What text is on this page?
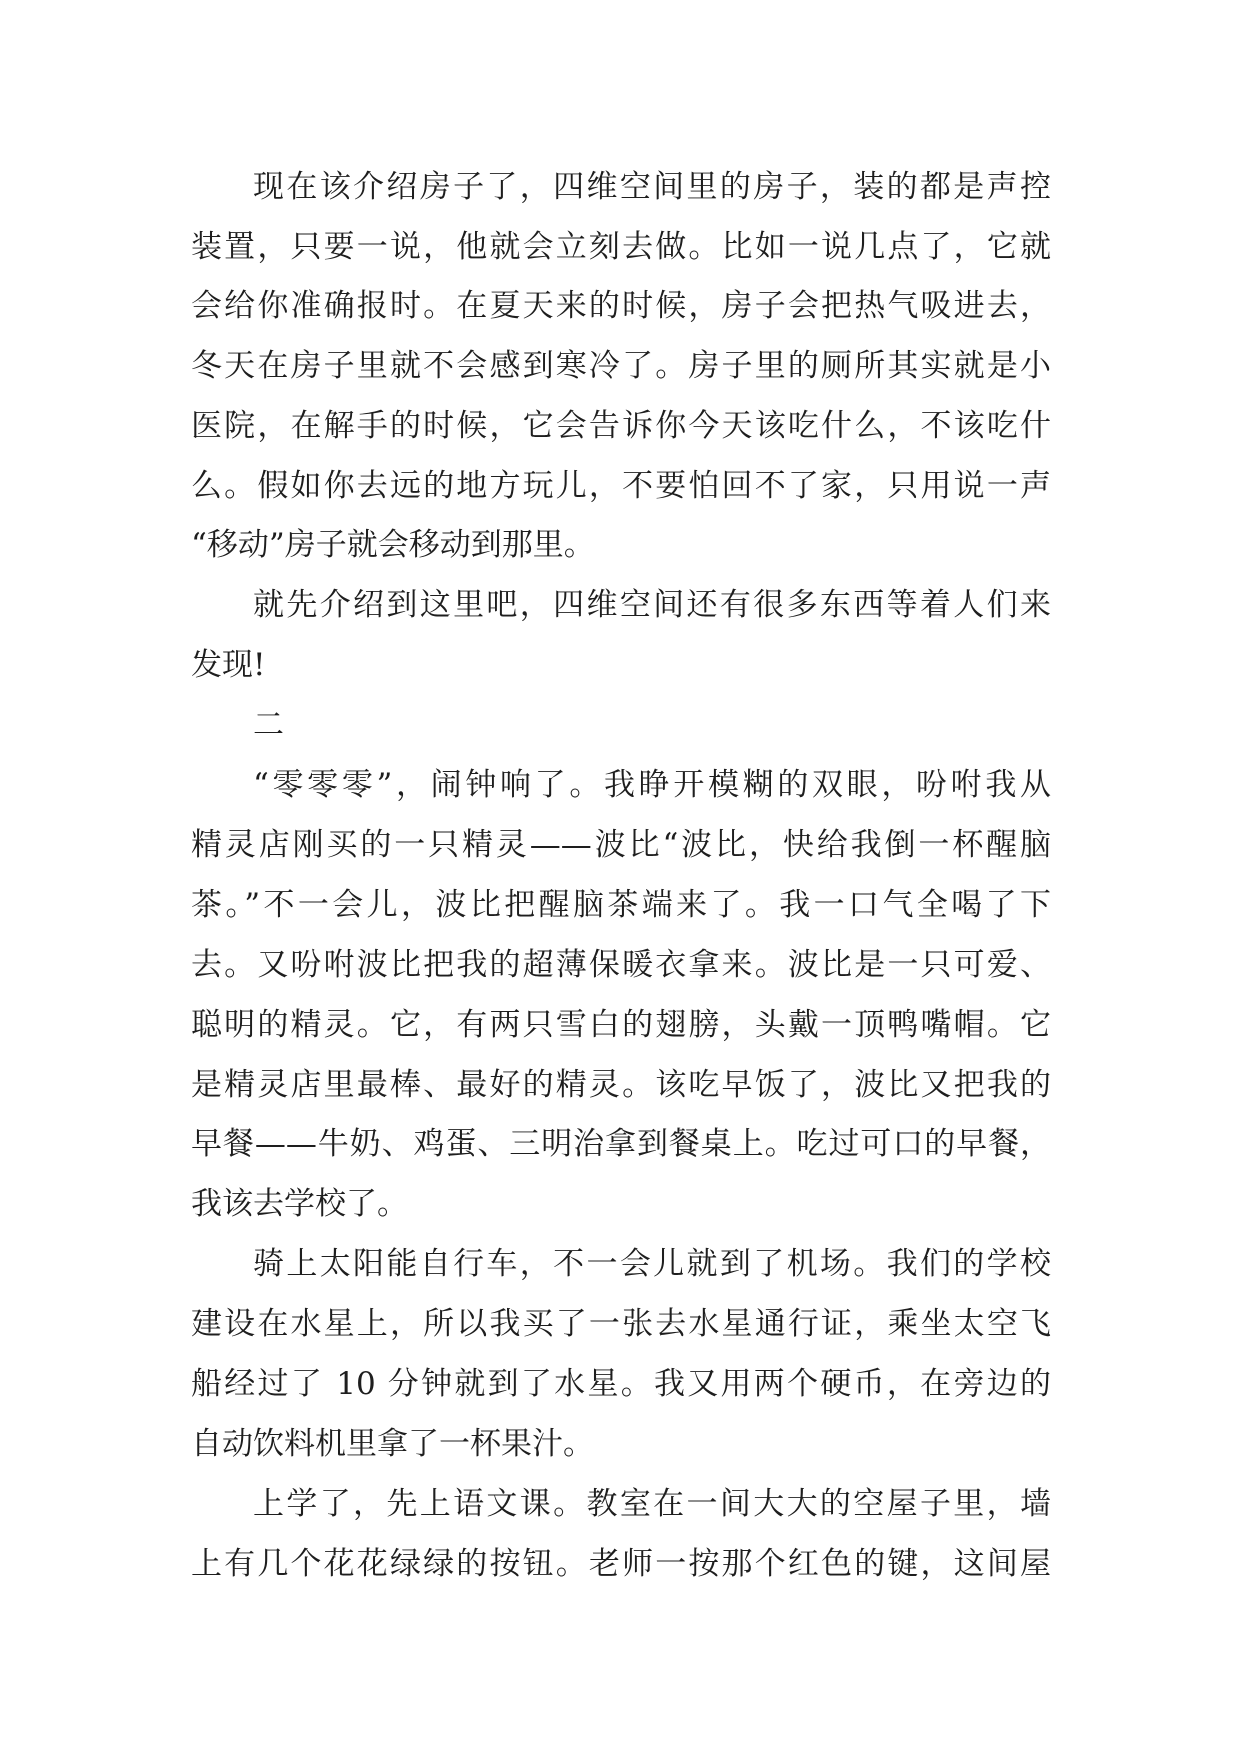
现在该介绍房子了，四维空间里的房子，装的都是声控
装置，只要一说，他就会立刻去做。比如一说几点了，它就
会给你准确报时。在夏天来的时候，房子会把热气吸进去，
冬天在房子里就不会感到寒冷了。房子里的厕所其实就是小
医院，在解手的时候，它会告诉你今天该吃什么，不该吃什
么。假如你去远的地方玩儿，不要怕回不了家，只用说一声
“移动”房子就会移动到那里。
就先介绍到这里吧，四维空间还有很多东西等着人们来
发现!
二
“零零零”，闹钟响了。我睁开模糊的双眼，吩咐我从
精灵店刚买的一只精灵——波比“波比，快给我倒一杯醒脑
茶。”不一会儿，波比把醒脑茶端来了。我一口气全喝了下
去。又吩咐波比把我的超薄保暖衣拿来。波比是一只可爱、
聪明的精灵。它，有两只雪白的翅膀，头戴一顶鸭嘴帽。它
是精灵店里最棒、最好的精灵。该吃早饭了，波比又把我的
早餐——牛奶、鸡蛋、三明治拿到餐桌上。吃过可口的早餐，
我该去学校了。
骑上太阳能自行车，不一会儿就到了机场。我们的学校
建设在水星上，所以我买了一张去水星通行证，乘坐太空飞
船经过了 10 分钟就到了水星。我又用两个硬币，在旁边的
自动饮料机里拿了一杯果汁。
上学了，先上语文课。教室在一间大大的空屋子里，墙
上有几个花花绿绿的按钮。老师一按那个红色的键，这间屋
